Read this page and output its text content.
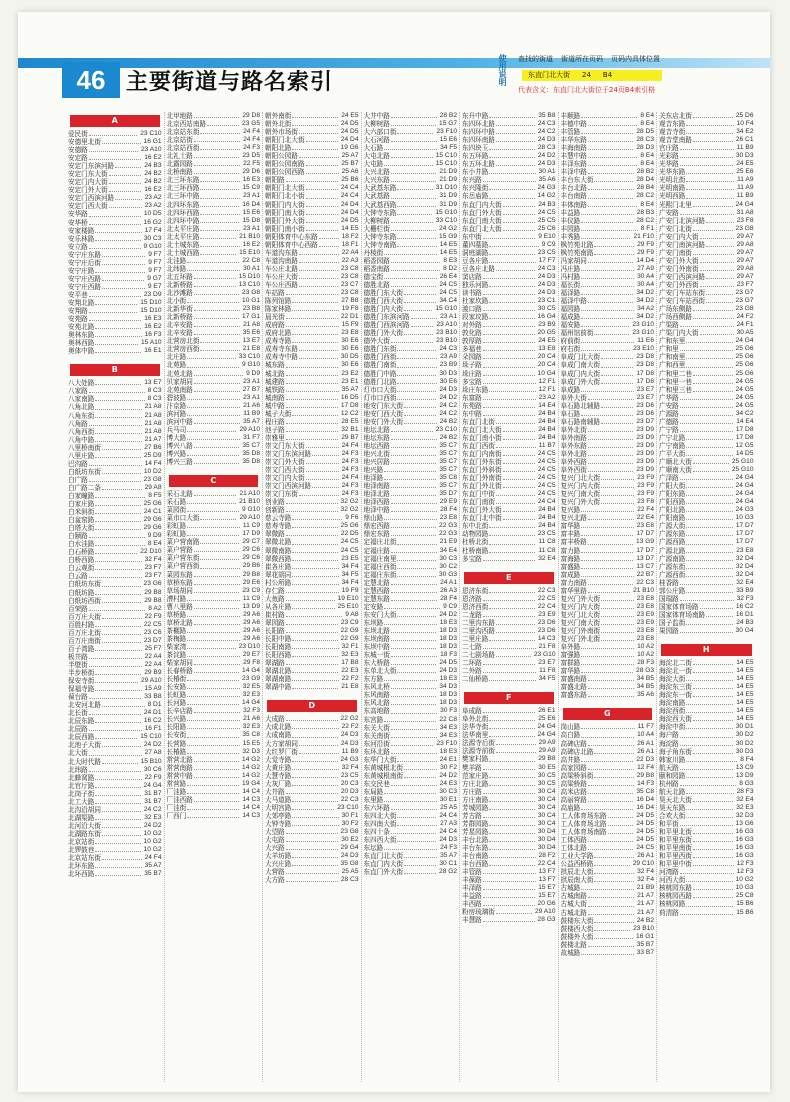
46 主要街道与路名索引	使用说明 查找的街道 街道所在页码 页码内具体位置
东直门北大街	24	B4
代表含义：东直门北大街位于24页B4索引格
A
爱民街	23 C10
安德里北街	16 G1
安德路	23 A10
安定路	16 E2
安定门东滨河路	24 B3
安定门东大街	24 B2
安定门内大街	24 B2
安定门外大街	16 E2
安定门西滨河路	23 A2
安定门西大街	23 A2
安华路	10 D5
安华桥	16 G2
安家楼路	17 F4
安乐林路	30 C3
安立路	9 G10
安宁庄东路	9 F7
安宁庄后街	9 F7
安宁庄路	9 F7
安宁庄西路	9 G7
安宁庄西路	9 E7
安平巷	23 D9
安翔北路	15 D10
安翔路	15 D10
安苑路	16 E3
安苑北路	16 E2
奥林东路	16 F3
奥林西路	15 A10
奥体中路	16 E1
B
八大处路	13 E7
八家路	8 C3
八家南路	8 C3
八角北路	21 A8
八角东街	21 A8
八角路	21 A8
八角西街	21 A8
八角中路	21 A7
八里桥南街	27 B6
八里庄路	25 D9
巴沟路	14 F4
白纸坊东街	10 D2
白广路	23 G8
白广路二条	29 A8
白家疃路	8 F5
白家庄路	25 G6
白米斜街	24 C1
白盆窑路	29 G6
白塔大街	29 G6
白颐路	9 D9
白水洼路	8 E4
白石桥路	22 D10
白桥西路	32 F4
白云观街	23 F7
白云路	23 F7
白纸坊东街	23 G6
白纸坊路	29 B8
白纸坊西街	29 B8
百荣路	8 A2
百万庄大街	22 F9
百胜村路	22 C5
百万庄北街	23 C6
百万庄南街	23 D7
百子湾路	25 F7
板井路	22 A4
半壁街	22 A4
半步桥街	29 B9
保安寺街	29 A10
保福寺路	15 A9
葆台路	33 B8
北安河北路	8 D1
北长街	24 D1
北辰东路	16 C2
北辰路	16 F1
北辰西路	15 C10
北池子大街	24 D2
北大街	27 A8
北大时代路	15 B10
北纬路	30 C6
北蜂窝路	22 F9
北官厅路	24 G4
北岗子街	31 B7
北工大路	31 B7
北沟沿胡同	24 C2
北湖渠路	32 E3
北河沿大街	24 D2
北湖路东街	10 G2
北京站街	10 G2
北锣鼓巷	10 G2
北京站东街	24 F4
北环东路	35 A7
北环西路	35 B7
北甲地路	29 D8
北京西站南路	23 G5
北京站东街	24 F4
北京站街	24 F4
北京站西街	24 F3
北礼士路	23 D5
北露园路	22 F5
北桥南路	29 D6
北三环东路	16 E3
北三环西路	15 C9
北三环中路	23 A1
北四环东路	16 D4
北四环西路	15 E6
北四环中路	15 D8
北太平庄路	23 A1
北太平庄路	21 B10
北土城东路	16 E2
北土城西路	15 E10
北洼路	22 C8
北纬路	30 A1
北五环路	15 D10
北新桥路	13 C10
北沙滩路	23 G8
北小街	10 G1
北新华街	23 B8
北新桥路	17 G1
北辛安路	21 A8
北辛安路	35 E6
北营房北街	13 E7
北营房西街	21 E8
北庄路	33 C10
北苑路	9 G10
北苑北路	9 D9
贝家胡同	23 A1
北苑南路	27 B7
碧波路	23 A1
汴京路	21 A6
滨河路	11 B9
滨河中路	35 A7
兵马司	29 A10
博大路	31 F7
博兴八路	35 C7
博兴路	35 D8
博兴三路	35 D8
C
采石北路	21 A10
采石路	21 B10
菜园街	9 G10
菜市口大街	29 A10
彩虹路	11 C9
彩虹路	17 D9
菜户营南路	29 C7
菜户营路	29 C6
菜户营东街	29 C6
菜户营西街	29 B6
菜园东路	29 B8
草桥东路	29 E6
草场胡同	23 C9
漕村路	11 C9
曹八里路	13 D9
草桥路	29 A6
草桥北路	29 A6
茶棚路	29 A6
茶梅路	29 A6
柴家湾	23 D10
茶淀路	29 E7
柴家胡同	29 F8
长春桥路	14 G4
长椿街	23 G9
长安路	32 E5
长虹路	32 E3
长河路	14 G4
长辛店路	32 F3
长兴路	21 A6
长阳路	32 E3
长安街	35 C8
长营路	15 E5
长椿路	32 D3
常营北路	14 G2
常营南路	14 G2
常营中路	14 G2
常营路	19 G4
厂洼路	14 C4
厂洼西路	14 C3
厂洼街	14 C4
厂西门	14 C3
朝外南街	24 E5
朝外北街	24 D5
朝外市场街	24 D5
朝阳门北大街	24 D4
朝阳北路	19 G6
朝阳公园路	25 A7
朝阳公园南路	25 B7
朝阳公园西路	25 A6
朝阳路	25 B6
朝阳门北大街	24 C4
朝阳门北小街	24 C4
朝阳门内大街	24 D4
朝阳门南大街	24 D4
朝阳门外大街	24 D5
朝阳门南小街	14 E5
朝阳体育中心东路	18 F2
朝阳体育中心西路	18 F1
车道沟东路	22 A4
车道沟南路	22 A3
车公庄北路	23 C8
车公庄大街	23 C8
车公庄西路	23 C7
车站路	23 C8
陈列馆路	27 B8
陈家林路	19 F8
晨光街	22 D1
成府路	15 F9
成府北路	23 E8
成寿寺路	30 E6
成寿寺东路	30 E6
成寿寺中路	30 D5
城东路	30 E6
城北路	23 E2
城建路	23 E1
城铁路	35 A7
城南路	16 D5
城中路	17 D8
城子大街	12 C2
程庄路	28 E5
池子路	32 B1
崇雅里	29 B7
崇文门东大街	24 F4
崇文门东滨河路	24 F3
崇文门外大街	24 F3
崇文门西大街	24 F3
崇文门内大街	24 F4
崇文门西滨河路	24 F3
崇文门东街	24 F3
创业路	32 G2
创新路	32 G2
慈云寺路	9 F6
慈寿寺路	25 G6
翠微路	22 D5
翠微北路	24 C5
翠微南路	24 C5
翠微西路	23 E5
崔各庄路	34 F4
翠花胡同	34 F5
村公所路	34 F4
存仁路	19 F9
大鱼路	19 E10
从各庄路	25 E10
崔村路	9 A8
翠园路	23 C9
长阳路	22 G9
长阳中路	22 G9
长阳南路	32 F1
长阳西路	32 E3
翠湖路	17 B8
翠湖北路	22 E3
翠湖南路	22 F2
翠湖中路	21 E8
D
大成路	22 G2
大成北路	22 F2
大成南路	24 D3
大方家胡同	24 D3
大红罗厂街	11 B9
大觉寺路	24 G3
大黄庄路	32 F4
大慧寺路	23 C5
大灰厂路	20 C3
大井路	20 D3
大马道路	22 C3
大明宫路	23 C10
大郊亭路	30 F1
大钟寺路	30 F2
大望路	23 G8
大屯路	30 E2
大兴路	29 G4
大羊坊路	24 D3
大兴庄路	35 G8
大营路	25 A5
大方路	28 C3
大井中路	28 B2
大柳树路	15 G7
大六部口街	23 F10
大石河路	15 E6
大石路	34 F5
大屯北路	15 C10
大屯路	15 C10
大兴北路	21 D9
大兴东路	21 D9
大武基东路	31 D10
大武基路	31 D9
大武基西路	31 D9
大钟寺东路	15 G10
大柳树路	33 C10
大栅栏街	24 G2
大钟寺东路	15 G9
大钟寺南路	14 E5
丹棱街	14 E5
稻香园路	8 E3
稻香南路	8 D2
德宝街	26 E4
德胜北路	24 C5
德胜门东大街	24 C5
德胜门西大街	34 C4
德胜门内大街	15 G10
德胜门东滨河路	23 A1
德胜门西滨河路	23 A10
德胜门外大街	23 B10
德外大街	23 B10
德胜门东街	24 C3
德胜门西街	23 A9
德胜门南街	23 B9
德胜门中路	30 D3
德胜门北路	30 E6
灯市口大街	24 D3
灯市口西街	24 D2
地安门东大街	24 C2
地安门西大街	24 C2
地安门外大街	24 B2
地坛北路	23 C10
地坛东路	24 B2
地坛西路	35 C7
地兴北街	35 C7
地兴居路	35 C7
地兴路	35 C7
地泽路	35 C8
地泽南路	35 C7
地泽北路	35 D7
地泽西路	29 E9
地泽中路	28 F4
鼎山路	23 E8
鼎宏西路	22 G3
鼎宏东路	22 G3
定福庄北街	21 E9
定福庄路	34 E4
定福庄南里	30 C3
定福庄西街	30 C2
定福庄东街	30 G3
定慧北路	24 A1
定慧西路	26 A3
定慧东路	28 F4
定安路	9 C9
东安门大街	24 D2
东坝路	18 E3
东坝北路	18 D3
东坝南路	18 D3
东坝中路	18 D3
东城一街	18 F3
东大桥路	24 D5
东单北大街	24 D3
东方路	18 E3
东风北桥	34 D3
东风南路	18 D3
东风北路	18 D3
东高地路	30 F3
东宫路	22 C8
东关大街	34 E3
东关南街	34 E3
东河沿街	23 F10
东环北路	18 E3
东华门大街	24 E1
东黄城根北街	30 F2
东黄城根南街	24 D2
东交民巷	24 E3
东局路	30 C3
东里路	30 E1
东六环路	25 A5
东四北大街	24 C4
东四南大街	27 A3
东四十条	24 C4
东四西大街	24 D3
东坛路	24 F3
东直门北大街	35 A7
东直门内大街	30 C1
东直门外大街	28 G2
东升中路	35 B8
东四环北路	24 C3
东四环中路	24 C2
东四环南路	24 D3
东四块玉	28 C3
东五环路	24 D2
东五环北路	24 D3
东小井路	30 A1
东兴路	35 A6
东兴隆街	24 G3
东岳庙路	14 G2
东直门内大街	24 B3
东直门外大街	24 C5
东直门南大街	25 C5
东直门北大街	25 C6
东中街	9 E10
董四墓路	9 C9
洞庭湖路	23 C5
豆各庄路	17 F7
豆各庄北路	24 C3
窦店路	24 D3
独乐河路	24 D3
读书路	24 D3
杜家坎路	23 C1
渡口路	30 C5
段家坟路	16 G4
对外路	23 B9
敦化路	20 G5
敦厚路	24 E5
多福巷	13 E8
朵园路	20 C4
垛子路	20 C4
垛庄路	10 G4
多宝路	12 F1
垛庄东路	12 F1
东富路	23 A2
东苑路	14 E4
东中路	24 B4
东直门北街	24 B4
东直门北大街	24 B4
东直门南小街	24 B4
东直门西街	11 B7
东直门内南街	24 C5
东直门外东街	24 C5
东直门外斜街	24 C5
东直门外南街	24 C5
东直门外北街	24 C5
东直门中街	24 C5
东直门南街	24 C4
东直门外大街	24 B4
东直门北中街	24 B4
东中北街	24 B4
动物园路	23 C5
杜桥北街	11 C8
杜桥南路	11 C8
多宝路	32 E4
E
恩济东街	22 C3
恩济路	22 C5
恩济西街	22 C4
二龙路	23 E9
二里沟东路	23 D6
二里沟西路	23 D6
二里庄路	14 C3
二七路	21 F8
二七剧场路	23 G10
二环路	23 E7
二外路	11 F8
二仙桥路	34 F5
F
阜成路	26 E1
阜外北街	25 E6
法华寺街	24 G4
法华南里	24 G4
法源寺后街	29 A9
法源寺前街	29 A9
樊家村路	29 B8
樊羊路	30 E5
范家庄路	30 C5
方庄北路	30 C5
方庄路	30 C4
方庄南路	30 C4
芳城园路	30 C4
芳古路	30 C4
芳群园路	30 C4
芳星园路	30 D4
丰台北路	30 D4
丰台东路	30 D4
丰台南路	28 F2
丰台西路	22 C4
丰管路	13 F7
丰葆路	13 F7
丰泽路	15 E7
丰益路	15 E7
丰西路	20 G6
粉房琉璃街	29 A10
丰慧路	28 G3
丰顺路	8 E4
丰德中路	8 E4
丰管路	28 D5
丰华东路	28 C3
丰海南路	28 D3
丰慧中路	8 E4
丰泽东路	8 E4
丰泽中路	28 B2
丰台东大街	28 D4
丰台北路	28 B4
丰台南路	28 C2
丰体南路	8 E4
丰益路	28 B3
丰仪路	28 C2
丰园路	8 F1
丰秀路	21 F10
枫竹苑北路	29 F9
枫竹苑南路	29 F9
冯家胡同	14 D4
冯庄路	27 A9
冯村路	30 A4
福长街	30 A4
福泽路	34 D2
福泽中路	34 D2
福园路	34 A2
福成路	34 D2
福安路	23 G10
福州馆前街	23 G10
府前街	11 E6
府右街	23 E10
阜成门北大街	23 D8
阜成门南大街	23 D8
阜成门内大街	17 D8
阜成门外大街	17 D8
阜成路	23 E7
阜外大街	23 E7
阜石路北辅路	23 D6
阜石路	23 D6
阜石路南辅路	23 D7
阜外北街	23 D9
阜外南路	23 D9
阜外东路	23 D9
阜外北路	23 D9
阜外西路	23 D9
阜外西街	23 D9
复兴门北大街	23 F9
复兴门内大街	23 F9
复兴门南大街	23 F9
复兴门外大街	23 F8
复兴路	22 F4
复兴北路	22 E4
富华路	23 E8
富丰路	17 D7
富丰桥路	13 G9
富力路	17 D7
富海路	13 D7
富盛路	13 C7
富成路	22 B7
富力南路	22 C3
富华里路	21 B10
复兴门外大街	23 E8
复兴门内大街	23 E8
复兴门北大街	23 E9
复兴门南大街	23 E9
复兴门外南街	23 E8
复兴门外北街	23 E8
阜外路	10 A2
富强路	10 A2
富群路	28 F3
富华路	28 G3
富盛南路	34 B5
富盛北路	34 B5
富盛东路	35 A6
G
岗山路	11 F7
高白路	10 A4
高碑店路	26 A1
高碑店北路	26 A1
高井路	22 D3
高家园路	12 F4
高梁桥斜街	29 B8
高梁桥路	14 F3
高米店路	35 C8
高丽营路	16 D4
高庙路	16 D4
工人体育场东路	24 D5
工人体育场北路	24 D5
工人体育场南路	24 D5
工体西路	24 D5
工体北路	24 C5
工业大学路	26 A1
公益西桥路	29 C10
拱辰北大街	32 F4
拱辰南大街	32 F4
古城路	21 B9
古城南路	21 A7
古城大街	21 A7
古城北路	21 A7
鼓楼东大街	24 B2
鼓楼西大街	23 B10
鼓楼外大街	16 G1
鼓楼北路	35 B7
故城路	33 B7
关东店北街	25 D6
观音东路	10 F4
观音寺街	34 E2
观音堂南路	26 C1
官庄路	11 B9
光彩路	30 D3
光华路	24 E5
光华东路	25 E6
光明北街	11 A9
光明南路	11 A9
光明西路	11 B9
光熙门北里	24 G4
广安路	31 A8
广安门北滨河路	23 F8
广安门北街	23 G8
广安门内大街	29 A7
广安门南滨河路	29 A8
广安门南街	29 A7
广安门外大街	29 A7
广安门外南街	29 A8
广安门西滨河路	29 A7
广安门外西街	23 F7
广安门车站东街	23 G7
广安门车站西街	23 G7
广场东侧路	23 G8
广场西侧路	24 F2
广渠路	24 F1
广渠门内大街	30 A5
广和东里	24 G4
广和里	25 G6
广和南里	25 G6
广和西里	25 G6
广和里二巷	25 G6
广和里一巷	24 G5
广和里三巷	24 G5
广华路	24 G5
广安路	24 G5
广源路	34 C2
广德路	14 E4
广宁路	17 D8
广宁北路	17 D8
广宁南路	12 G5
广平大街	14 D5
广顺北大街	25 G10
广顺南大街	25 G10
广泽路	24 G4
广阳大街	24 G4
广阳东路	24 G4
广阳西路	24 G4
广阳北路	24 G3
广阳南路	10 G3
广源大街	17 D7
广源东路	17 D7
广源西路	17 D7
广源北路	23 E8
广源南路	32 D4
广源东街	32 D4
广源西街	32 D4
桂香路	32 E4
郭公庄路	33 B9
国瑞路	32 F3
国家体育场路	16 C2
国家体育场南路	16 D1
国子监街	24 B3
果园路	30 G4
H
海淀北二街	14 E5
海淀北一街	14 E5
海淀大街	14 E5
海淀东三街	14 E5
海淀东一街	14 E5
海淀南路	14 E5
海淀西街	14 E5
海淀西大街	14 E5
海淀中街	30 D1
海户路	30 D2
海淀路	30 D2
海子角东街	30 D3
韩家川路	8 F4
航天路	13 C9
颐和园路	13 D9
杭州路	8 G3
航天北路	28 F3
昊天北大街	32 E4
昊天东路	32 E3
合欢大街	32 D3
和平街	13 G6
和平里北街	16 G3
和平里东街	16 G3
和平里南街	16 G3
和平里西街	16 G3
和平里中街	12 F3
河湾路	12 F3
河西大街	10 G2
核桃园东路	10 G3
核桃园西路	25 C8
核桃园路	15 B6
荷清路	15 B6
